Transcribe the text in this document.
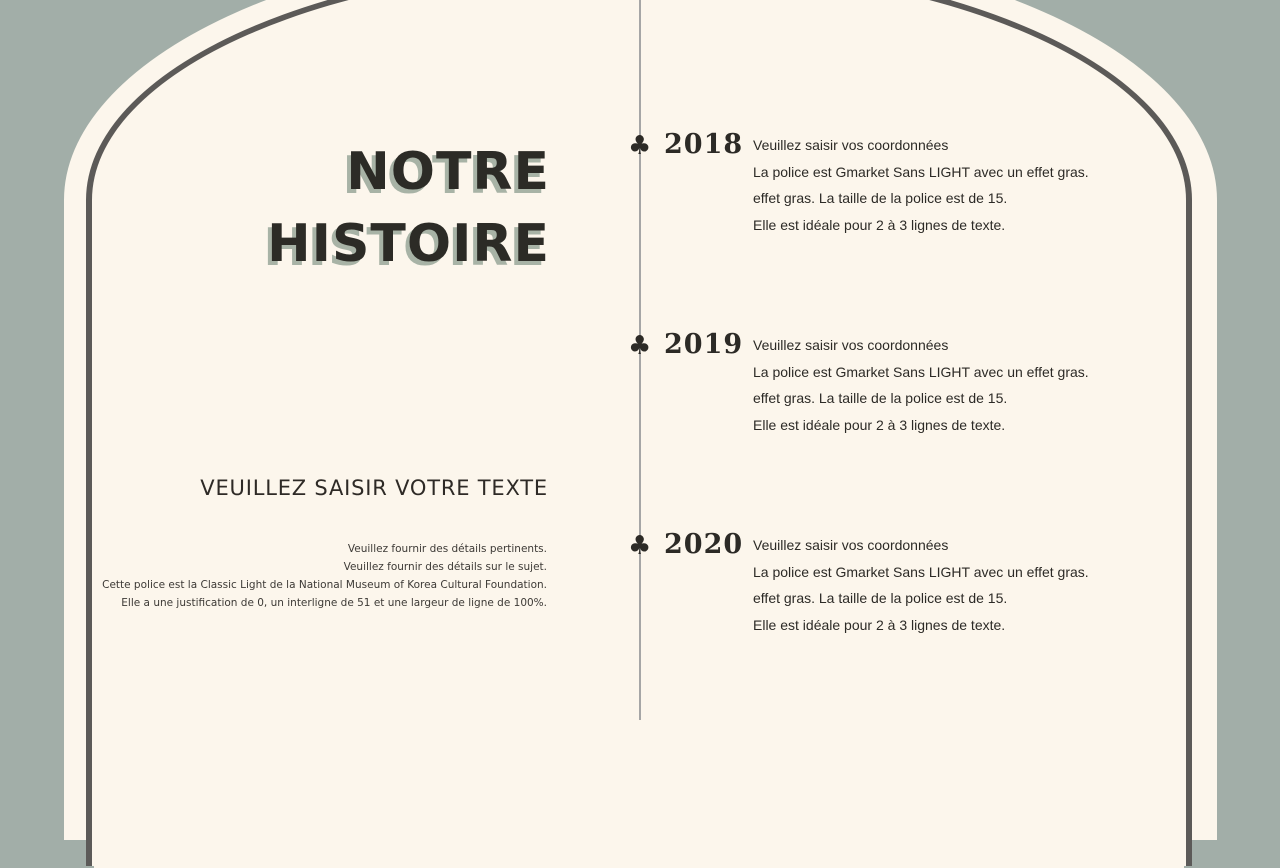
NOTRE
HISTOIRE
VEUILLEZ SAISIR VOTRE TEXTE
Veuillez fournir des détails pertinents.
Veuillez fournir des détails sur le sujet.
Cette police est la Classic Light de la National Museum of Korea Cultural Foundation.
Elle a une justification de 0, un interligne de 51 et une largeur de ligne de 100%.
♣ 2018 Veuillez saisir vos coordonnées
La police est Gmarket Sans LIGHT avec un effet gras.
effet gras. La taille de la police est de 15.
Elle est idéale pour 2 à 3 lignes de texte.
♣ 2019 Veuillez saisir vos coordonnées
La police est Gmarket Sans LIGHT avec un effet gras.
effet gras. La taille de la police est de 15.
Elle est idéale pour 2 à 3 lignes de texte.
♣ 2020 Veuillez saisir vos coordonnées
La police est Gmarket Sans LIGHT avec un effet gras.
effet gras. La taille de la police est de 15.
Elle est idéale pour 2 à 3 lignes de texte.
